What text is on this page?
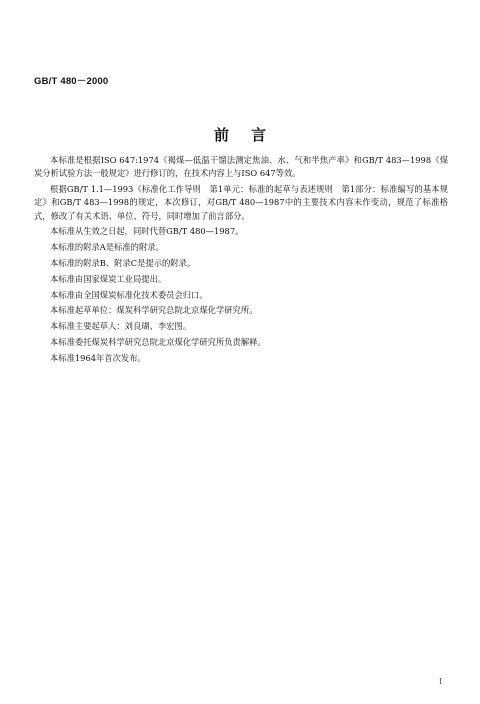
GB/T 480－2000
前言

本标准是根据ISO 647:1974《褐煤—低温干馏法测定焦油、水、气和半焦产率》和GB/T 483—1998《煤炭分析试验方法一般规定》进行修订的，在技术内容上与ISO 647等效。

根据GB/T 1.1—1993《标准化工作导则　第1单元：标准的起草与表述规则　第1部分：标准编写的基本规定》和GB/T 483—1998的规定，本次修订，对GB/T 480—1987中的主要技术内容未作变动，规范了标准格式，修改了有关术语、单位、符号，同时增加了前言部分。

本标准从生效之日起，同时代替GB/T 480—1987。

本标准的附录A是标准的附录。

本标准的附录B、附录C是提示的附录。

本标准由国家煤炭工业局提出。

本标准由全国煤炭标准化技术委员会归口。

本标准起草单位：煤炭科学研究总院北京煤化学研究所。

本标准主要起草人：刘良瑚、李宏图。

本标准委托煤炭科学研究总院北京煤化学研究所负责解释。

本标准1964年首次发布。

I
